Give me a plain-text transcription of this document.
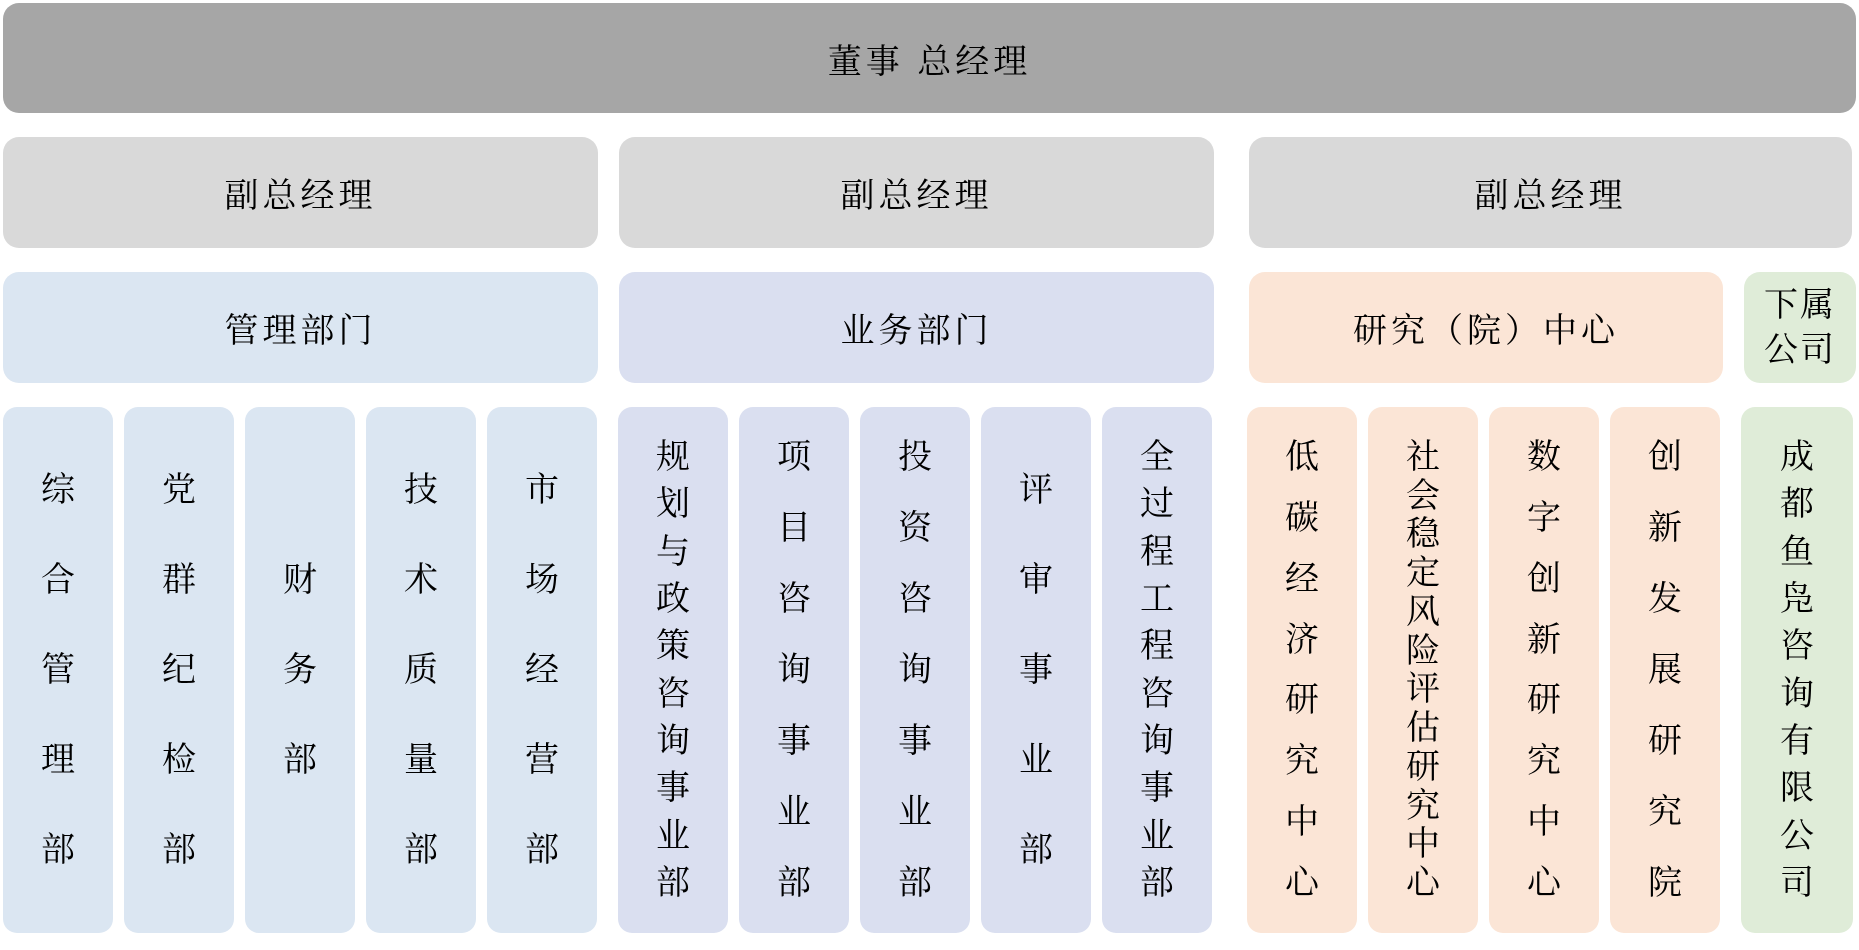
董事 总经理
副总经理	副总经理	副总经理
管理部门	业务部门	研究（院）中心
下属公司
综
合
管
理
部
党
群
纪
检
部
财
务
部
技
术
质
量
部
市
场
经
营
部
规
划
与
政
策
咨
询
事
业
部
项
目
咨
询
事
业
部
投
资
咨
询
事
业
部
评
审
事
业
部
全
过
程
工
程
咨
询
事
业
部
低
碳
经
济
研
究
中
心
社
会
稳
定
风
险
评
估
研
究
中
心
数
字
创
新
研
究
中
心
创
新
发
展
研
究
院
成
都
鱼
凫
咨
询
有
限
公
司
